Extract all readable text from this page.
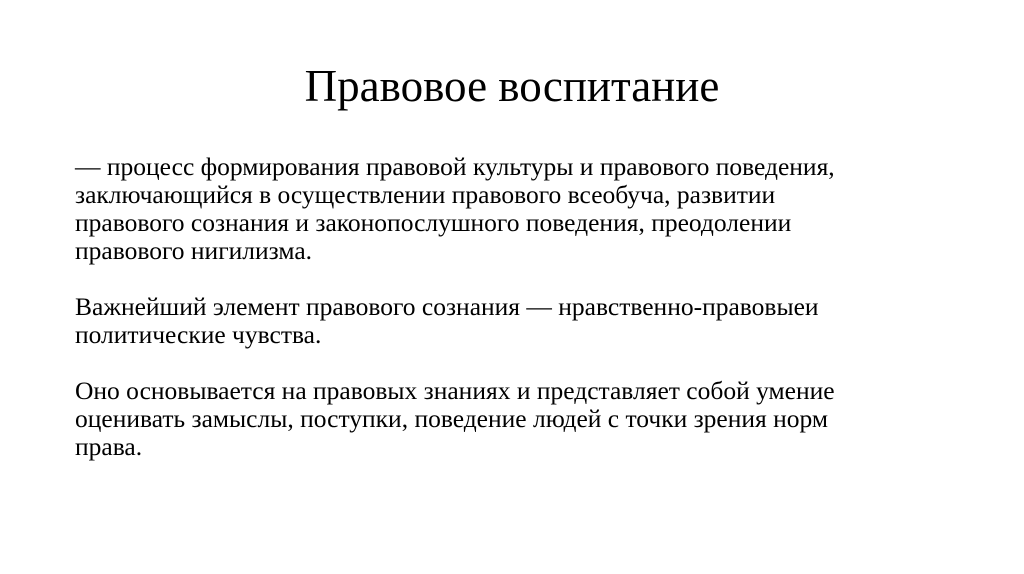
Правовое воспитание

— процесс формирования правовой культуры и правового поведения,
заключающийся в осуществлении правового всеобуча, развитии
правового сознания и законопослушного поведения, преодолении
правового нигилизма.

Важнейший элемент правового сознания — нравственно-правовыеи
политические чувства.

Оно основывается на правовых знаниях и представляет собой умение
оценивать замыслы, поступки, поведение людей с точки зрения норм
права.
